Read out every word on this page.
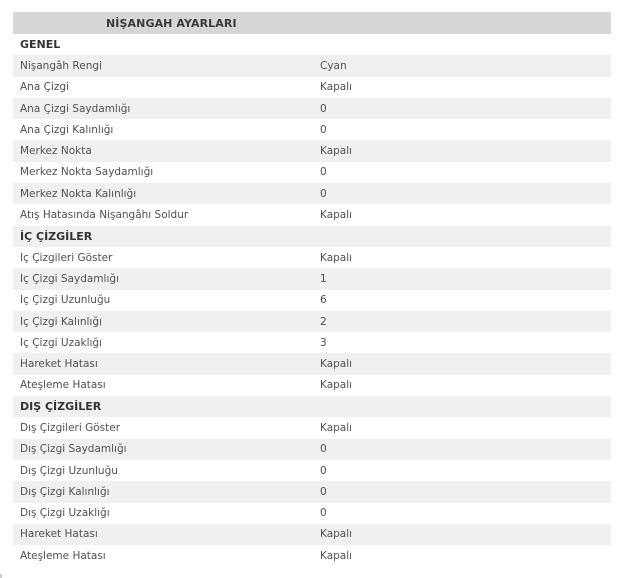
NİŞANGAH AYARLARI
GENEL
Nişangâh Rengi	Cyan
Ana Çizgi	Kapalı
Ana Çizgi Saydamlığı	0
Ana Çizgi Kalınlığı	0
Merkez Nokta	Kapalı
Merkez Nokta Saydamlığı	0
Merkez Nokta Kalınlığı	0
Atış Hatasında Nişangâhı Soldur	Kapalı
İÇ ÇİZGİLER
İç Çizgileri Göster	Kapalı
İç Çizgi Saydamlığı	1
İç Çizgi Uzunluğu	6
İç Çizgi Kalınlığı	2
İç Çizgi Uzaklığı	3
Hareket Hatası	Kapalı
Ateşleme Hatası	Kapalı
DIŞ ÇİZGİLER
Dış Çizgileri Göster	Kapalı
Dış Çizgi Saydamlığı	0
Dış Çizgi Uzunluğu	0
Dış Çizgi Kalınlığı	0
Dış Çizgi Uzaklığı	0
Hareket Hatası	Kapalı
Ateşleme Hatası	Kapalı
